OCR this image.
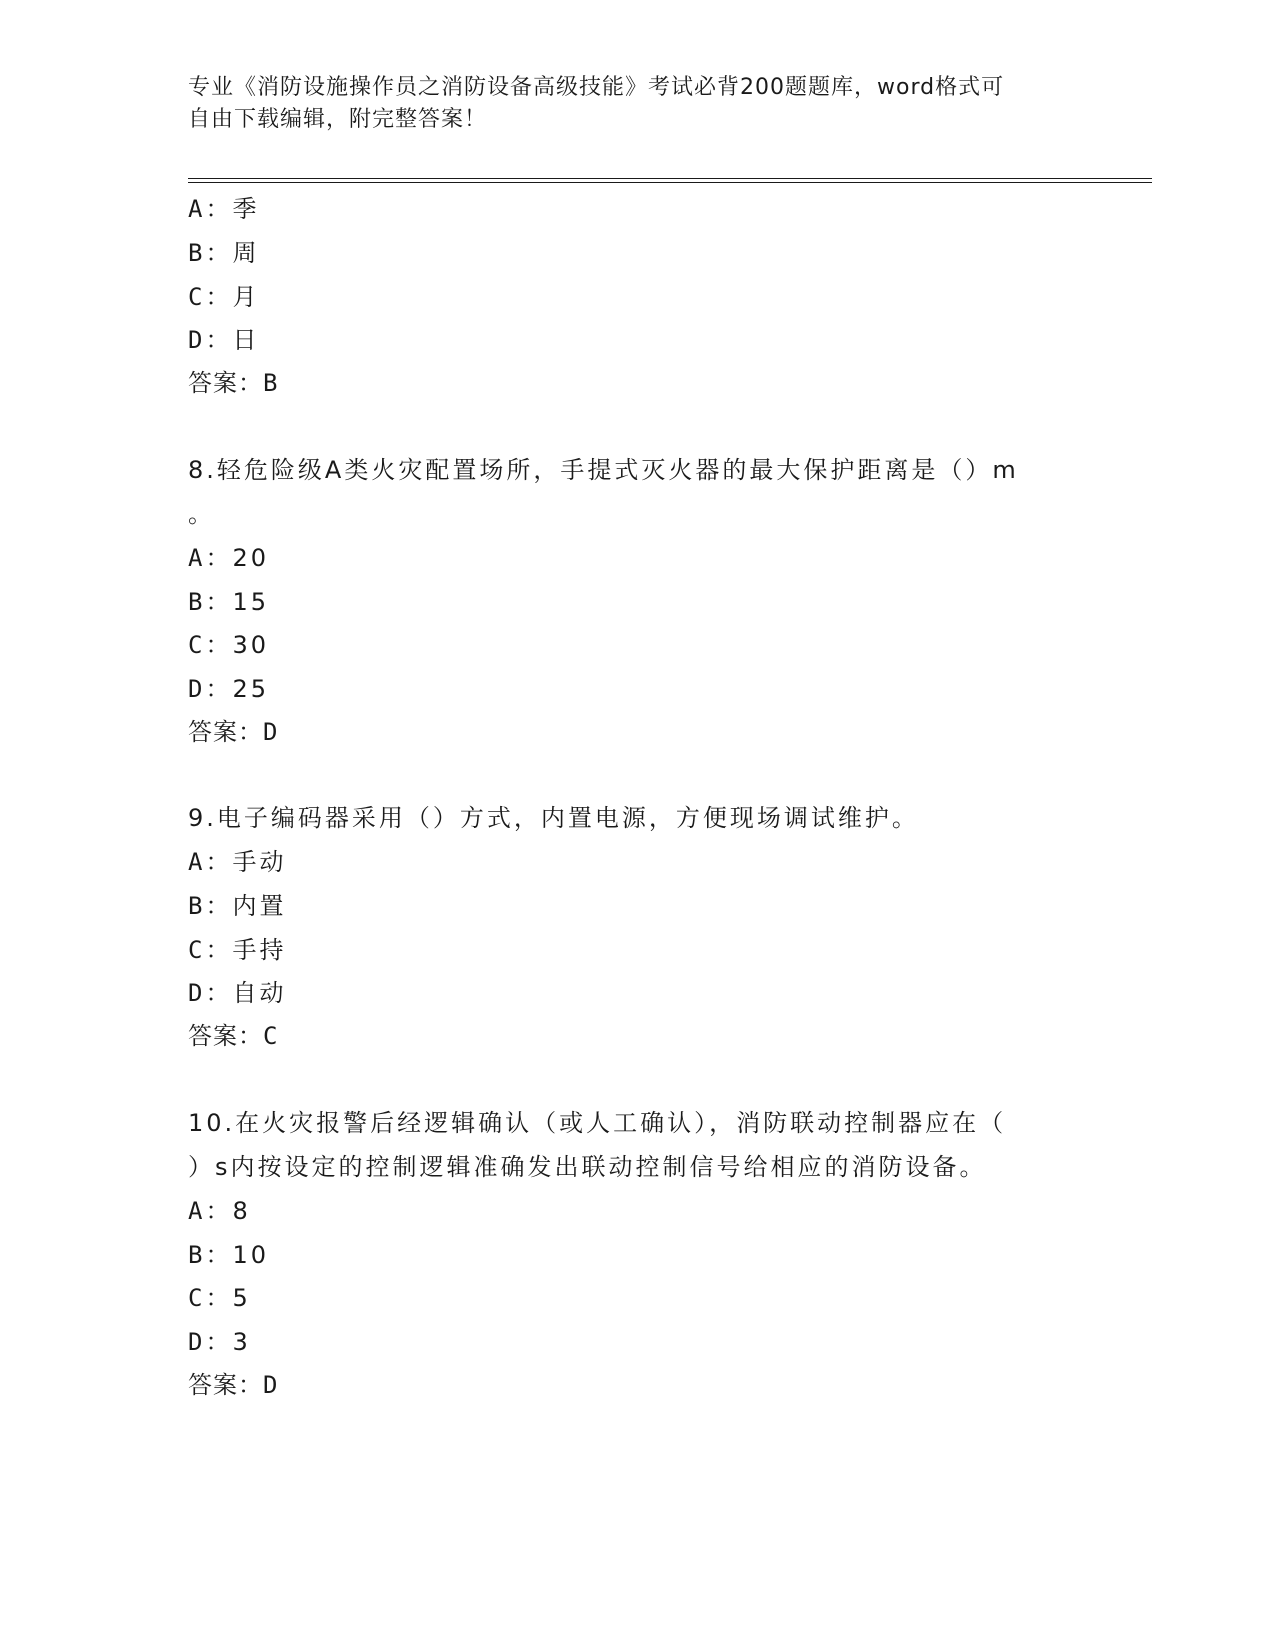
专业《消防设施操作员之消防设备高级技能》考试必背200题题库，word格式可
自由下载编辑，附完整答案！
A：季
B：周
C：月
D：日
答案：B
8.轻危险级A类火灾配置场所，手提式灭火器的最大保护距离是（）m
。
A：20
B：15
C：30
D：25
答案：D
9.电子编码器采用（）方式，内置电源，方便现场调试维护。
A：手动
B：内置
C：手持
D：自动
答案：C
10.在火灾报警后经逻辑确认（或人工确认），消防联动控制器应在（
）s内按设定的控制逻辑准确发出联动控制信号给相应的消防设备。
A：8
B：10
C：5
D：3
答案：D
